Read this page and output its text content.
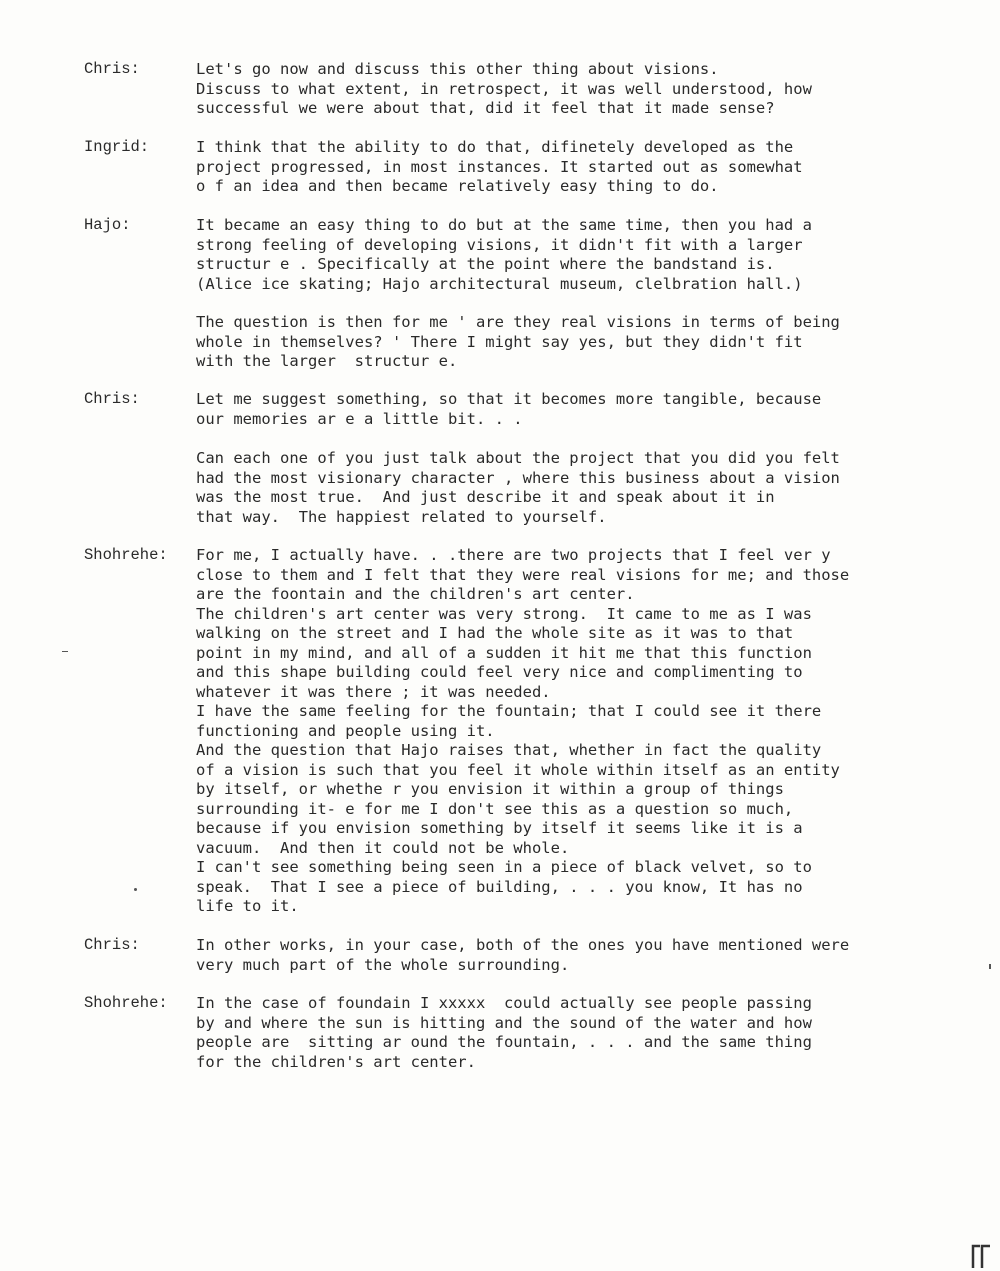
Chris:	Let's go now and discuss this other thing about visions.
Discuss to what extent, in retrospect, it was well understood, how
successful we were about that, did it feel that it made sense?
Ingrid:	I think that the ability to do that, difinetely developed as the
project progressed, in most instances. It started out as somewhat
o f an idea and then became relatively easy thing to do.
Hajo:	It became an easy thing to do but at the same time, then you had a
strong feeling of developing visions, it didn't fit with a larger
structur e . Specifically at the point where the bandstand is.
(Alice ice skating; Hajo architectural museum, clelbration hall.)
The question is then for me ' are they real visions in terms of being
whole in themselves? ' There I might say yes, but they didn't fit
with the larger  structur e.
Chris:	Let me suggest something, so that it becomes more tangible, because
our memories ar e a little bit. . .
Can each one of you just talk about the project that you did you felt
had the most visionary character , where this business about a vision
was the most true.  And just describe it and speak about it in
that way.  The happiest related to yourself.
Shohrehe: For me, I actually have. . .there are two projects that I feel ver y
close to them and I felt that they were real visions for me; and those
are the foontain and the children's art center.
The children's art center was very strong.  It came to me as I was
walking on the street and I had the whole site as it was to that
point in my mind, and all of a sudden it hit me that this function
and this shape building could feel very nice and complimenting to
whatever it was there ; it was needed.
I have the same feeling for the fountain; that I could see it there
functioning and people using it.
And the question that Hajo raises that, whether in fact the quality
of a vision is such that you feel it whole within itself as an entity
by itself, or whethe r you envision it within a group of things
surrounding it- e for me I don't see this as a question so much,
because if you envision something by itself it seems like it is a
vacuum.  And then it could not be whole.
I can't see something being seen in a piece of black velvet, so to
speak.  That I see a piece of building, . . . you know, It has no
life to it.
Chris:	In other works, in your case, both of the ones you have mentioned were
very much part of the whole surrounding.
Shohrehe: In the case of foundain I xxxxx  could actually see people passing
by and where the sun is hitting and the sound of the water and how
people are  sitting ar ound the fountain, . . . and the same thing
for the children's art center.
